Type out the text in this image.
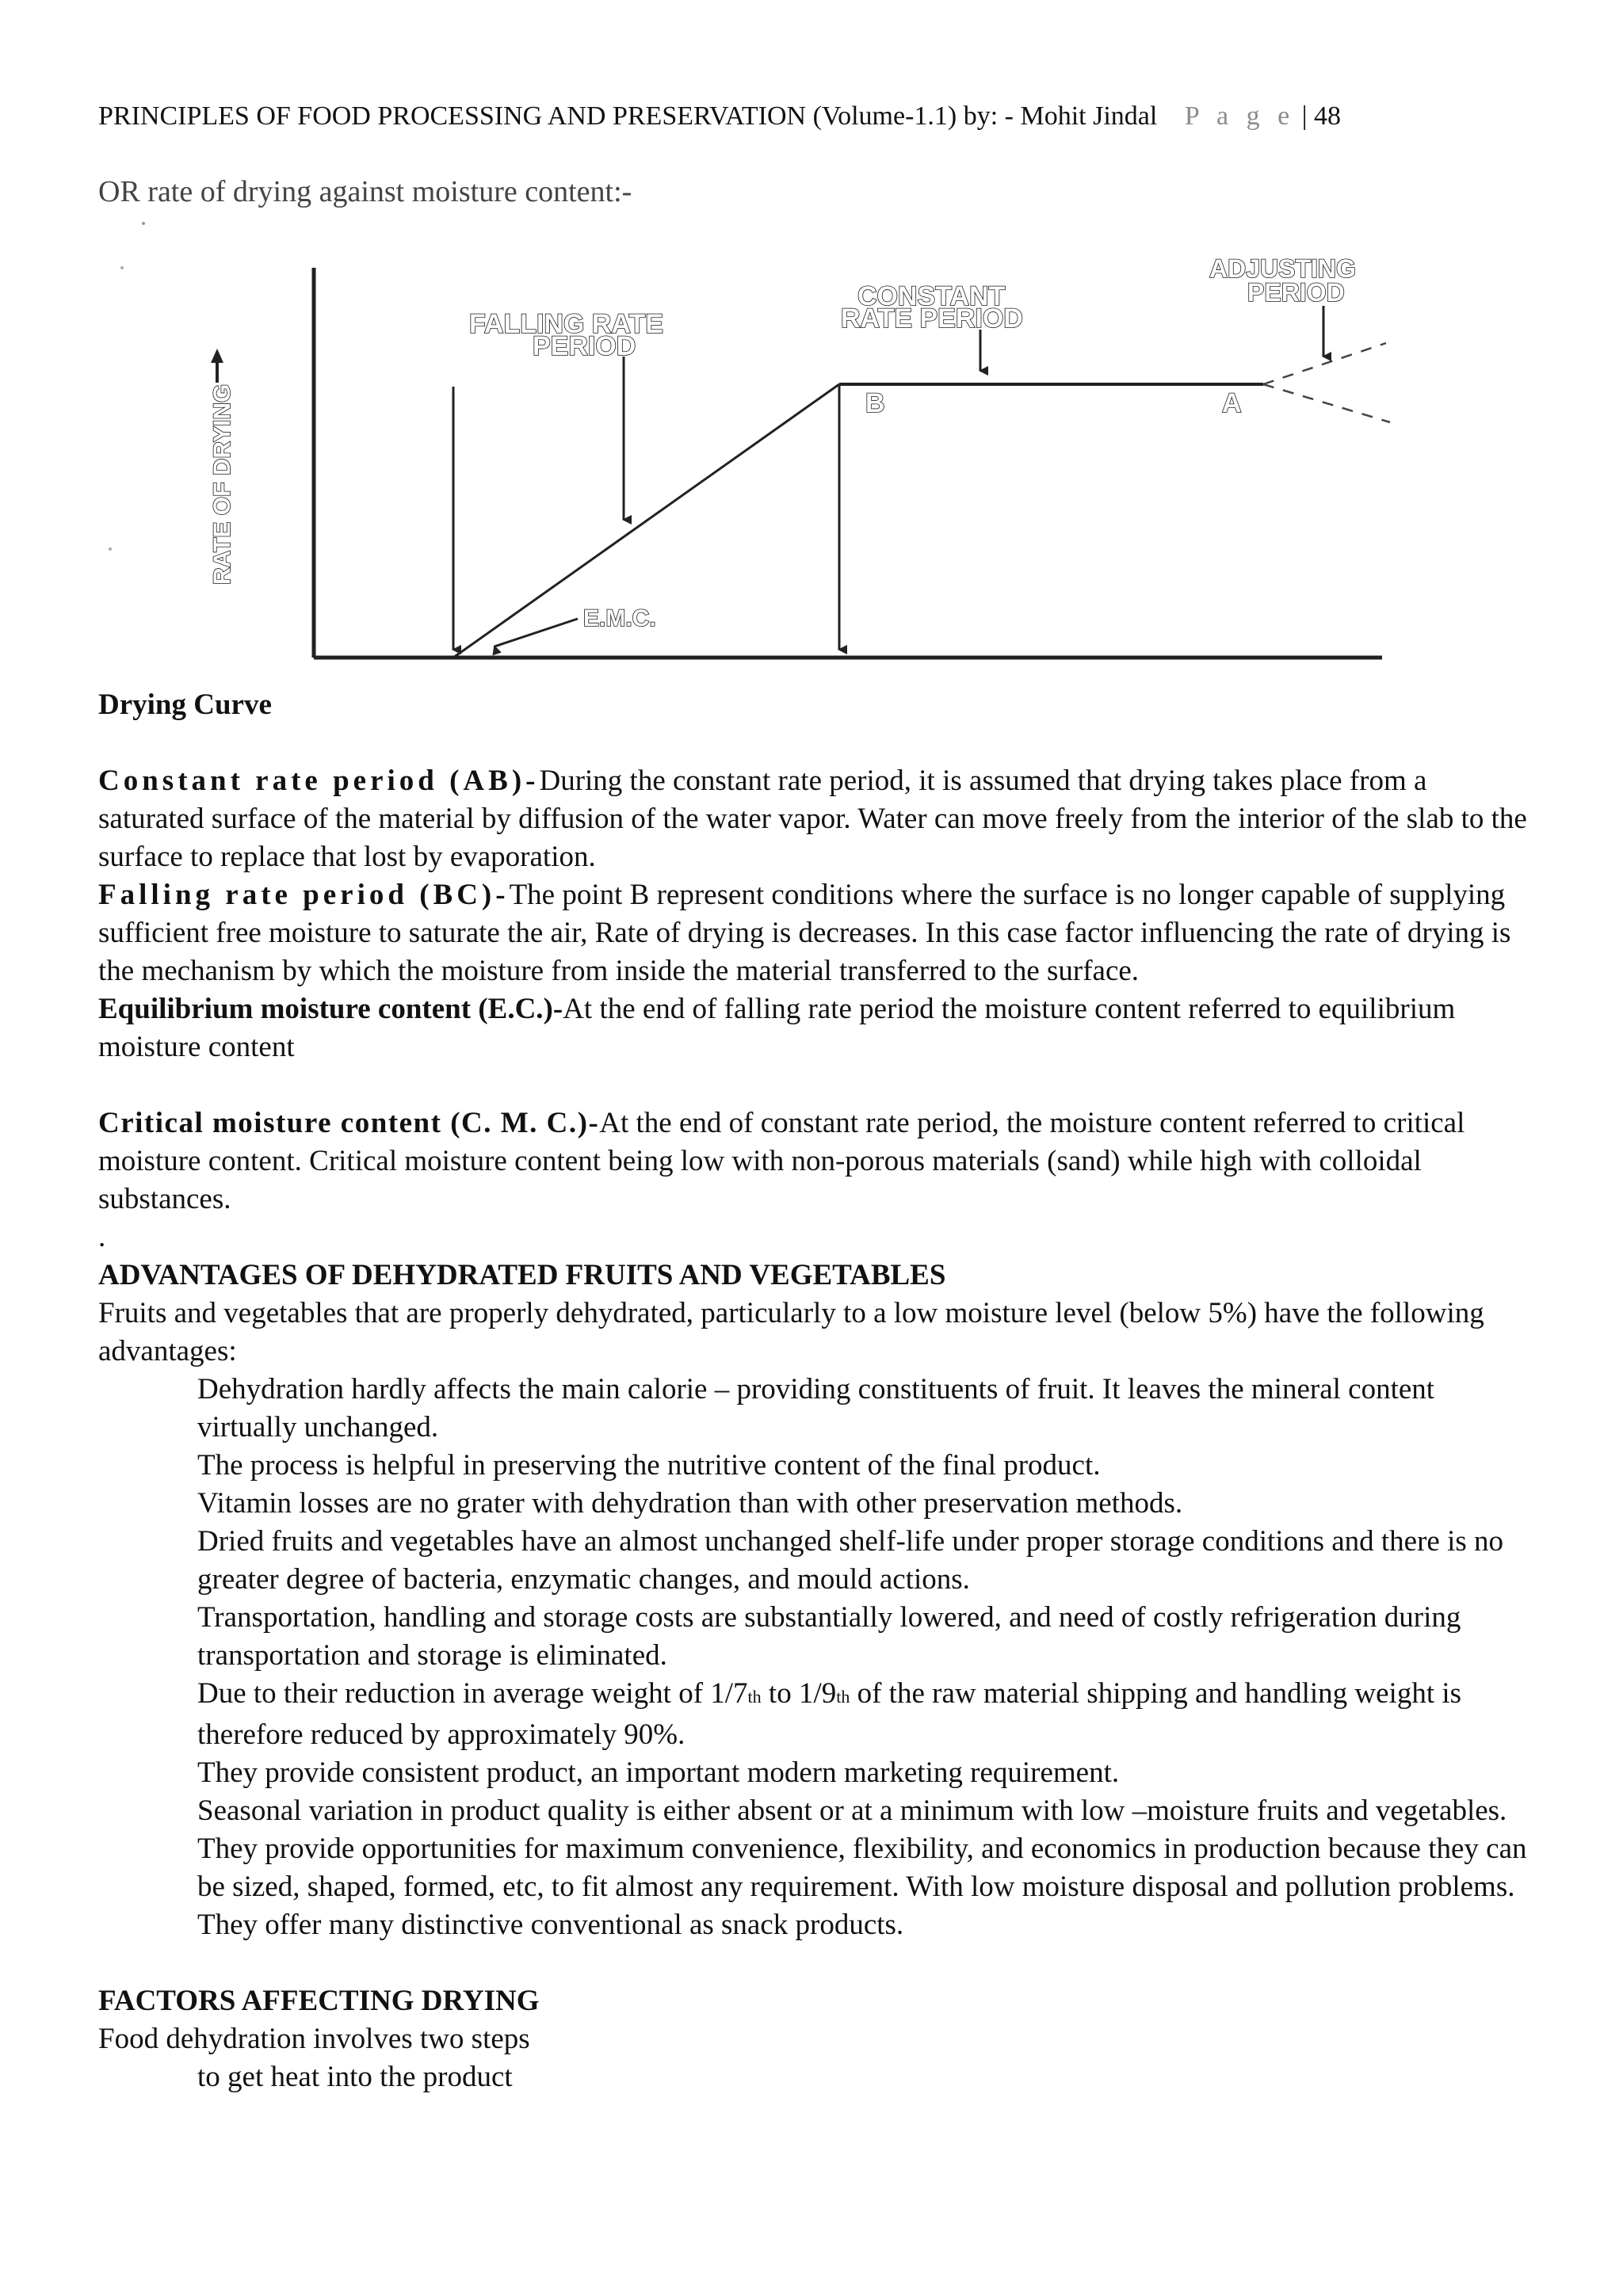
PRINCIPLES OF FOOD PROCESSING AND PRESERVATION (Volume-1.1) by: - Mohit Jindal P a g e | 48
OR rate of drying against moisture content:-
RATE OF DRYING
FALLING RATE
PERIOD
CONSTANT
RATE PERIOD
ADJUSTING
PERIOD
B	A
E.M.C.

Drying Curve

Constant rate period (AB)-During the constant rate period, it is assumed that drying takes place from a saturated surface of the material by diffusion of the water vapor. Water can move freely from the interior of the slab to the surface to replace that lost by evaporation.

Falling rate period (BC)-The point B represent conditions where the surface is no longer capable of supplying sufficient free moisture to saturate the air, Rate of drying is decreases. In this case factor influencing the rate of drying is the mechanism by which the moisture from inside the material transferred to the surface.

Equilibrium moisture content (E.C.)-At the end of falling rate period the moisture content referred to equilibrium moisture content

Critical moisture content (C. M. C.)-At the end of constant rate period, the moisture content referred to critical moisture content. Critical moisture content being low with non-porous materials (sand) while high with colloidal substances.

.

ADVANTAGES OF DEHYDRATED FRUITS AND VEGETABLES

Fruits and vegetables that are properly dehydrated, particularly to a low moisture level (below 5%) have the following advantages:

Dehydration hardly affects the main calorie – providing constituents of fruit. It leaves the mineral content virtually unchanged.
The process is helpful in preserving the nutritive content of the final product.
Vitamin losses are no grater with dehydration than with other preservation methods.
Dried fruits and vegetables have an almost unchanged shelf-life under proper storage conditions and there is no greater degree of bacteria, enzymatic changes, and mould actions.
Transportation, handling and storage costs are substantially lowered, and need of costly refrigeration during transportation and storage is eliminated.
Due to their reduction in average weight of 1/7th to 1/9th of the raw material shipping and handling weight is therefore reduced by approximately 90%.
They provide consistent product, an important modern marketing requirement.
Seasonal variation in product quality is either absent or at a minimum with low –moisture fruits and vegetables.
They provide opportunities for maximum convenience, flexibility, and economics in production because they can be sized, shaped, formed, etc, to fit almost any requirement. With low moisture disposal and pollution problems.
They offer many distinctive conventional as snack products.

FACTORS AFFECTING DRYING

Food dehydration involves two steps

to get heat into the product
